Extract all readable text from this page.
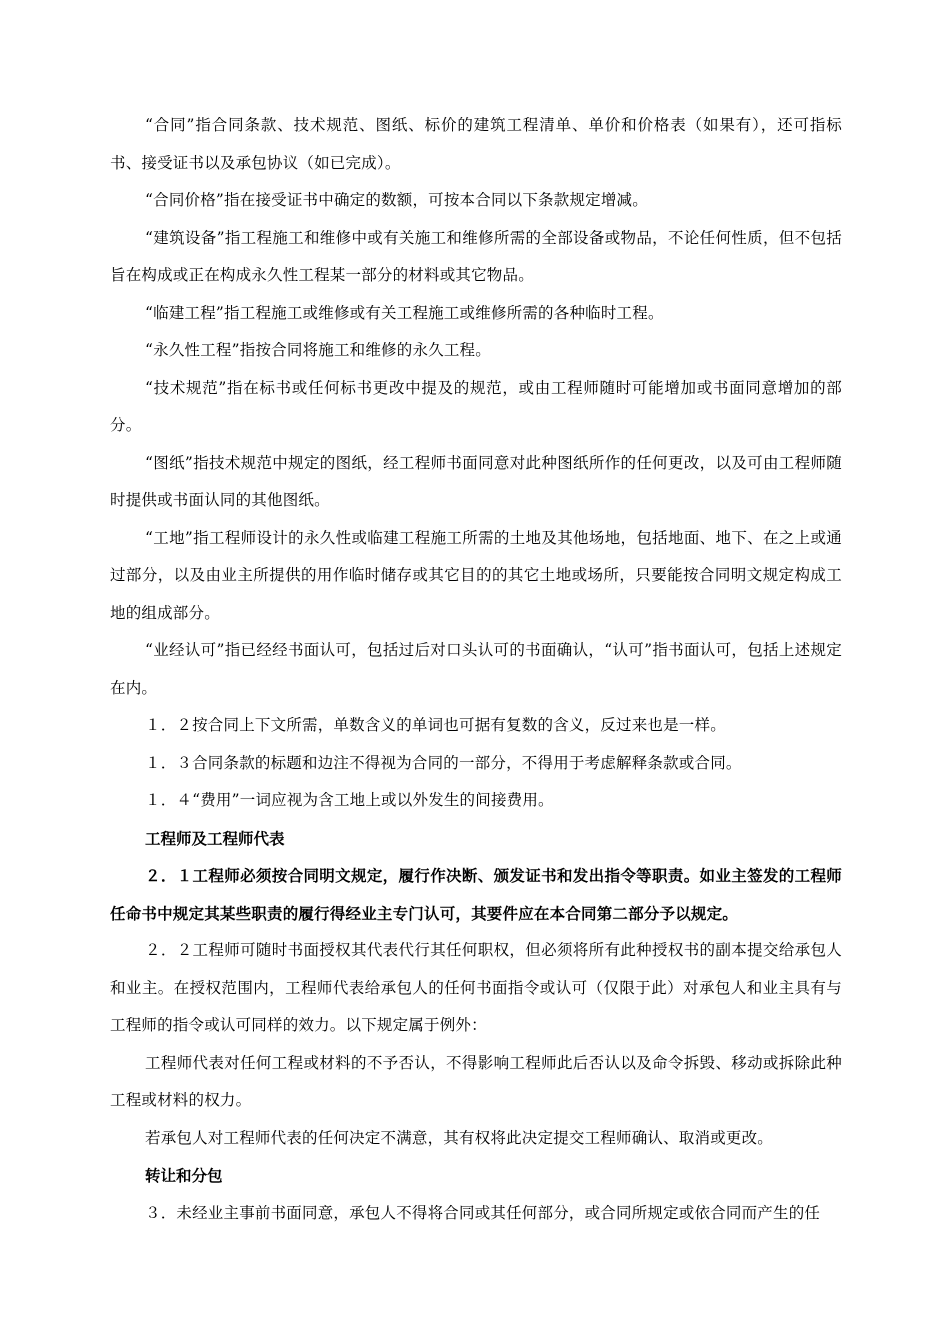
“合同”指合同条款、技术规范、图纸、标价的建筑工程清单、单价和价格表（如果有），还可指标书、接受证书以及承包协议（如已完成）。

“合同价格”指在接受证书中确定的数额，可按本合同以下条款规定增减。

“建筑设备”指工程施工和维修中或有关施工和维修所需的全部设备或物品，不论任何性质，但不包括旨在构成或正在构成永久性工程某一部分的材料或其它物品。

“临建工程”指工程施工或维修或有关工程施工或维修所需的各种临时工程。

“永久性工程”指按合同将施工和维修的永久工程。

“技术规范”指在标书或任何标书更改中提及的规范，或由工程师随时可能增加或书面同意增加的部分。

“图纸”指技术规范中规定的图纸，经工程师书面同意对此种图纸所作的任何更改，以及可由工程师随时提供或书面认同的其他图纸。

“工地”指工程师设计的永久性或临建工程施工所需的土地及其他场地，包括地面、地下、在之上或通过部分，以及由业主所提供的用作临时储存或其它目的的其它土地或场所，只要能按合同明文规定构成工地的组成部分。

“业经认可”指已经经书面认可，包括过后对口头认可的书面确认，“认可”指书面认可，包括上述规定在内。

１．２按合同上下文所需，单数含义的单词也可据有复数的含义，反过来也是一样。

１．３合同条款的标题和边注不得视为合同的一部分，不得用于考虑解释条款或合同。

１．４“费用”一词应视为含工地上或以外发生的间接费用。

工程师及工程师代表

２．１工程师必须按合同明文规定，履行作决断、颁发证书和发出指令等职责。如业主签发的工程师任命书中规定其某些职责的履行得经业主专门认可，其要件应在本合同第二部分予以规定。

２．２工程师可随时书面授权其代表代行其任何职权，但必须将所有此种授权书的副本提交给承包人和业主。在授权范围内，工程师代表给承包人的任何书面指令或认可（仅限于此）对承包人和业主具有与工程师的指令或认可同样的效力。以下规定属于例外：

工程师代表对任何工程或材料的不予否认，不得影响工程师此后否认以及命令拆毁、移动或拆除此种工程或材料的权力。

若承包人对工程师代表的任何决定不满意，其有权将此决定提交工程师确认、取消或更改。

转让和分包

３．未经业主事前书面同意，承包人不得将合同或其任何部分，或合同所规定或依合同而产生的任
